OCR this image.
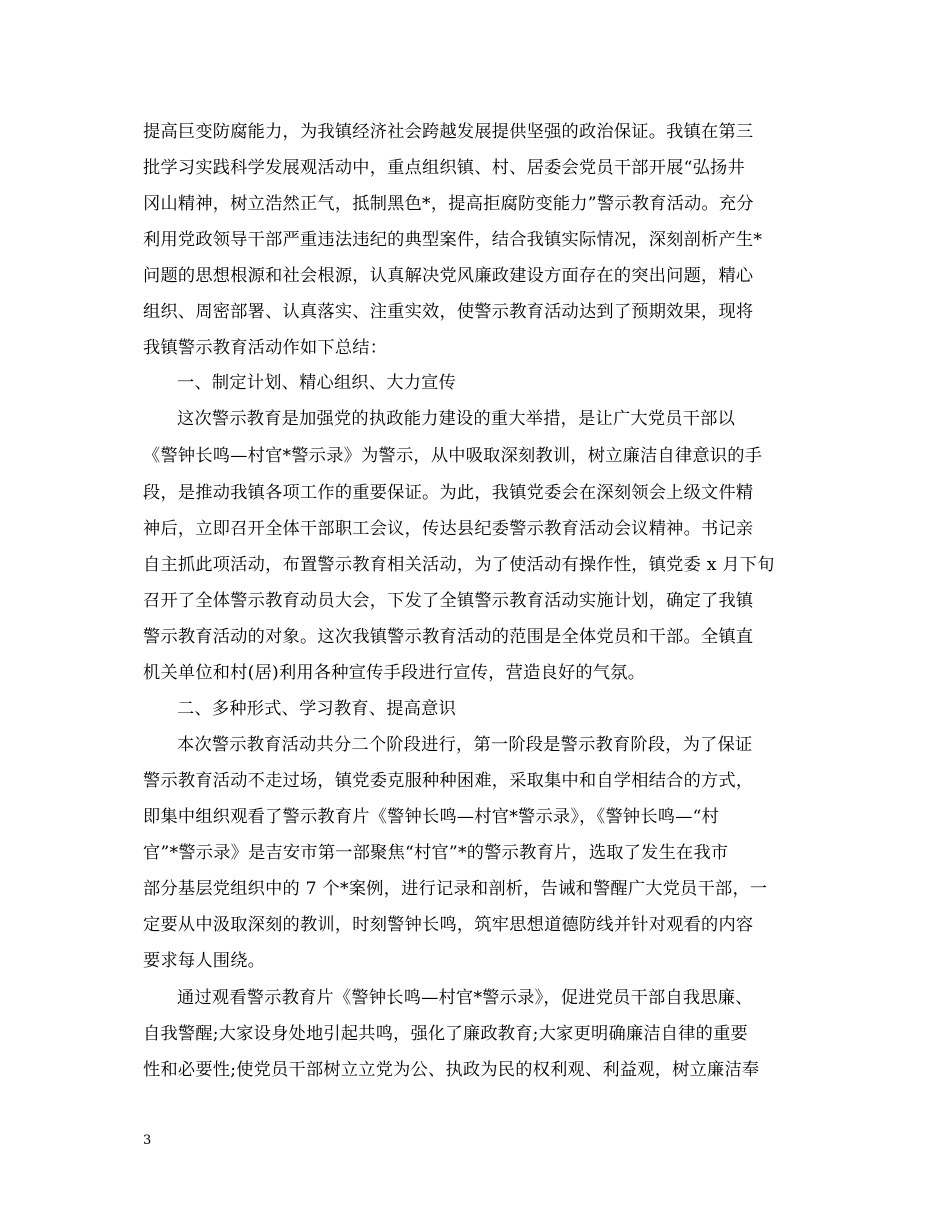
提高巨变防腐能力，为我镇经济社会跨越发展提供坚强的政治保证。我镇在第三
批学习实践科学发展观活动中，重点组织镇、村、居委会党员干部开展“弘扬井
冈山精神，树立浩然正气，抵制黑色*，提高拒腐防变能力”警示教育活动。充分
利用党政领导干部严重违法违纪的典型案件，结合我镇实际情况，深刻剖析产生*
问题的思想根源和社会根源，认真解决党风廉政建设方面存在的突出问题，精心
组织、周密部署、认真落实、注重实效，使警示教育活动达到了预期效果，现将
我镇警示教育活动作如下总结：
一、制定计划、精心组织、大力宣传
这次警示教育是加强党的执政能力建设的重大举措，是让广大党员干部以
《警钟长鸣—村官*警示录》为警示，从中吸取深刻教训，树立廉洁自律意识的手
段，是推动我镇各项工作的重要保证。为此，我镇党委会在深刻领会上级文件精
神后，立即召开全体干部职工会议，传达县纪委警示教育活动会议精神。书记亲
自主抓此项活动，布置警示教育相关活动，为了使活动有操作性，镇党委 x 月下旬
召开了全体警示教育动员大会，下发了全镇警示教育活动实施计划，确定了我镇
警示教育活动的对象。这次我镇警示教育活动的范围是全体党员和干部。全镇直
机关单位和村(居)利用各种宣传手段进行宣传，营造良好的气氛。
二、多种形式、学习教育、提高意识
本次警示教育活动共分二个阶段进行，第一阶段是警示教育阶段，为了保证
警示教育活动不走过场，镇党委克服种种困难，采取集中和自学相结合的方式，
即集中组织观看了警示教育片《警钟长鸣—村官*警示录》，《警钟长鸣—“村
官”*警示录》是吉安市第一部聚焦“村官”*的警示教育片，选取了发生在我市
部分基层党组织中的 7 个*案例，进行记录和剖析，告诫和警醒广大党员干部，一
定要从中汲取深刻的教训，时刻警钟长鸣，筑牢思想道德防线并针对观看的内容
要求每人围绕。
通过观看警示教育片《警钟长鸣—村官*警示录》，促进党员干部自我思廉、
自我警醒;大家设身处地引起共鸣，强化了廉政教育;大家更明确廉洁自律的重要
性和必要性;使党员干部树立立党为公、执政为民的权利观、利益观，树立廉洁奉
3
